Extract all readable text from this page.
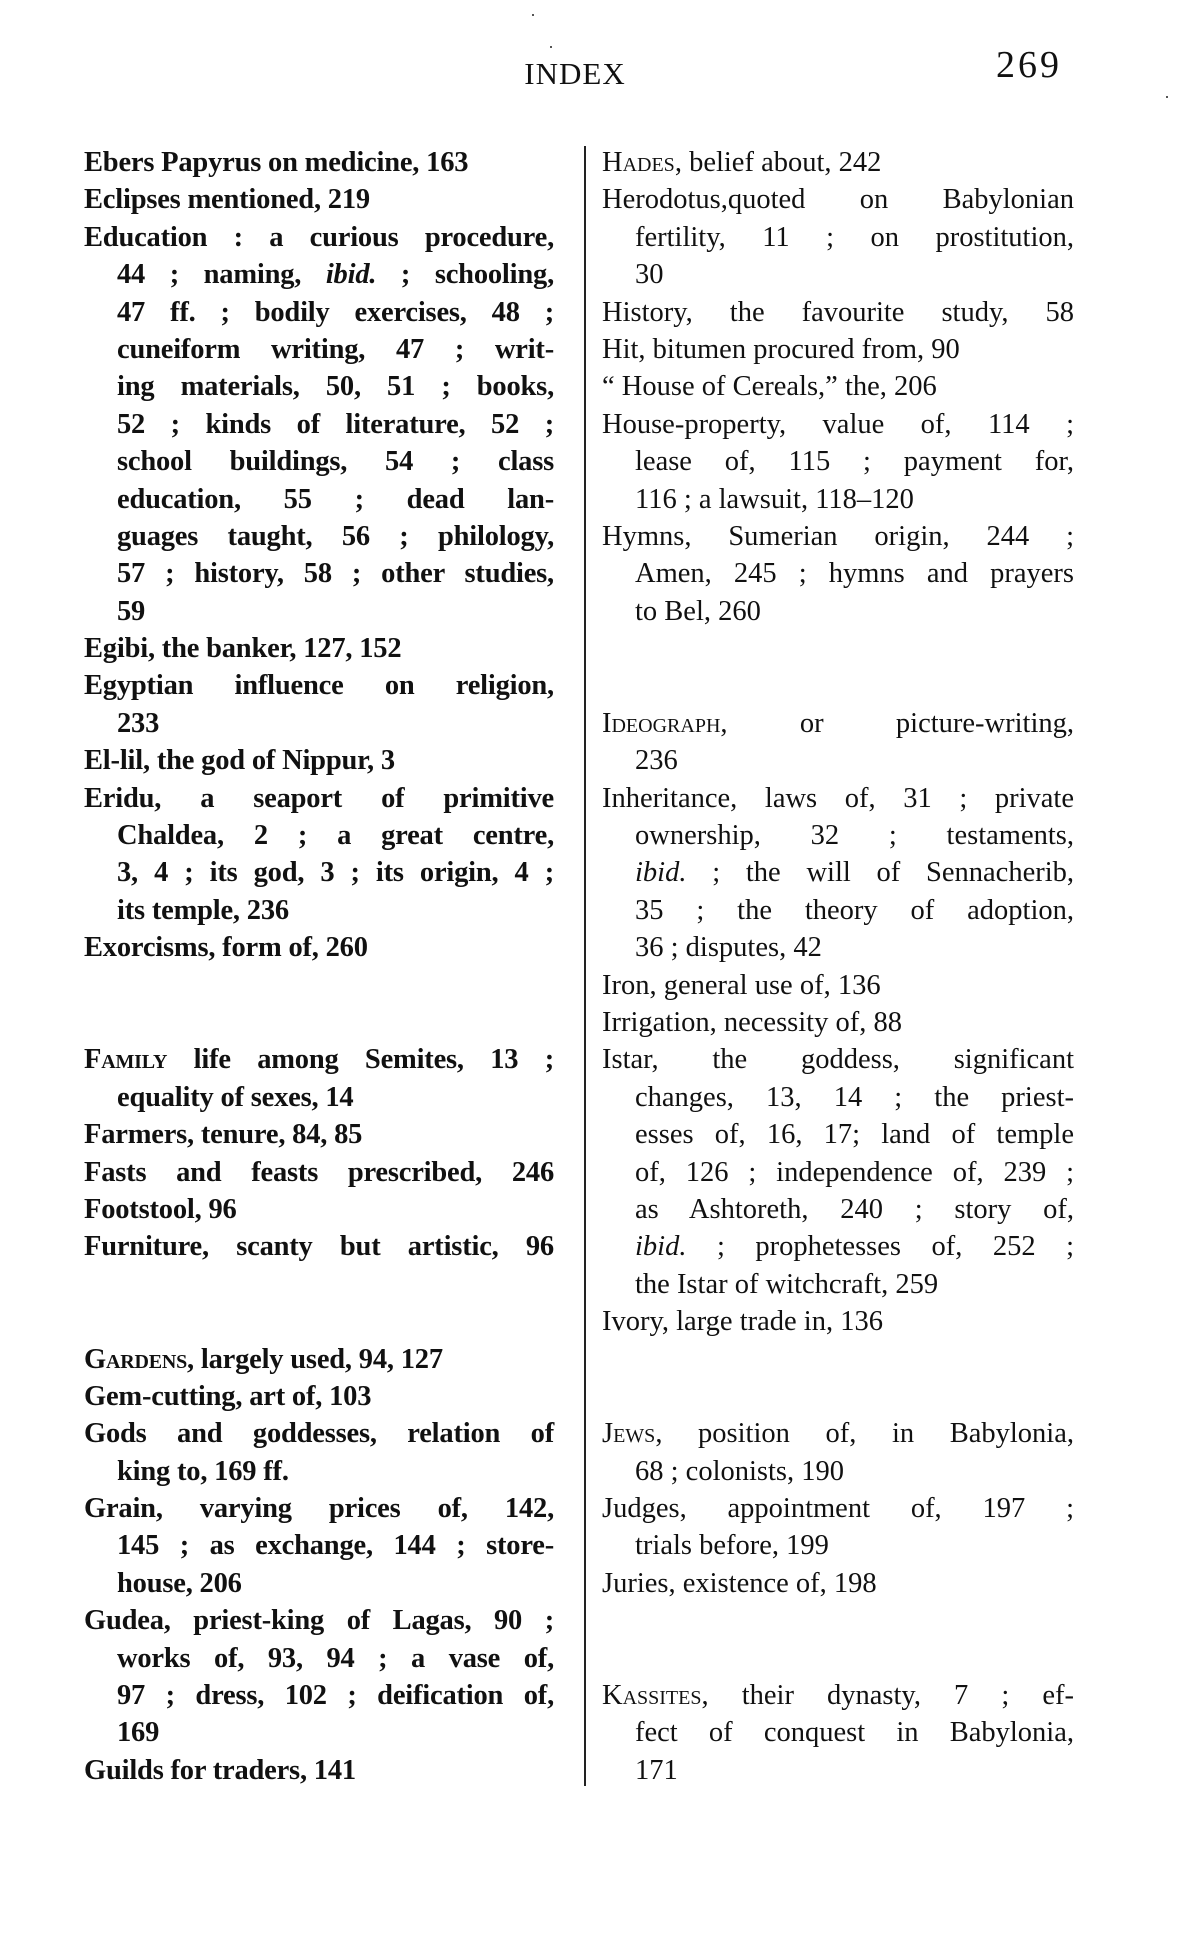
INDEX	269
Ebers Papyrus on medicine, 163
Eclipses mentioned, 219
Education : a curious procedure,
44 ; naming, ibid. ; schooling,
47 ff. ; bodily exercises, 48 ;
cuneiform writing, 47 ; writ-
ing materials, 50, 51 ; books,
52 ; kinds of literature, 52 ;
school buildings, 54 ; class
education, 55 ; dead lan-
guages taught, 56 ; philology,
57 ; history, 58 ; other studies,
59
Egibi, the banker, 127, 152
Egyptian influence on religion,
233
El-lil, the god of Nippur, 3
Eridu, a seaport of primitive
Chaldea, 2 ; a great centre,
3, 4 ; its god, 3 ; its origin, 4 ;
its temple, 236
Exorcisms, form of, 260
Family life among Semites, 13 ;
equality of sexes, 14
Farmers, tenure, 84, 85
Fasts and feasts prescribed, 246
Footstool, 96
Furniture, scanty but artistic, 96
Gardens, largely used, 94, 127
Gem-cutting, art of, 103
Gods and goddesses, relation of
king to, 169 ff.
Grain, varying prices of, 142,
145 ; as exchange, 144 ; store-
house, 206
Gudea, priest-king of Lagas, 90 ;
works of, 93, 94 ; a vase of,
97 ; dress, 102 ; deification of,
169
Guilds for traders, 141
Hades, belief about, 242
Herodotus,quoted on Babylonian
fertility, 11 ; on prostitution,
30
History, the favourite study, 58
Hit, bitumen procured from, 90
“ House of Cereals,” the, 206
House-property, value of, 114 ;
lease of, 115 ; payment for,
116 ; a lawsuit, 118–120
Hymns, Sumerian origin, 244 ;
Amen, 245 ; hymns and prayers
to Bel, 260
Ideograph, or picture-writing,
236
Inheritance, laws of, 31 ; private
ownership, 32 ; testaments,
ibid. ; the will of Sennacherib,
35 ; the theory of adoption,
36 ; disputes, 42
Iron, general use of, 136
Irrigation, necessity of, 88
Istar, the goddess, significant
changes, 13, 14 ; the priest-
esses of, 16, 17; land of temple
of, 126 ; independence of, 239 ;
as Ashtoreth, 240 ; story of,
ibid. ; prophetesses of, 252 ;
the Istar of witchcraft, 259
Ivory, large trade in, 136
Jews, position of, in Babylonia,
68 ; colonists, 190
Judges, appointment of, 197 ;
trials before, 199
Juries, existence of, 198
Kassites, their dynasty, 7 ; ef-
fect of conquest in Babylonia,
171
